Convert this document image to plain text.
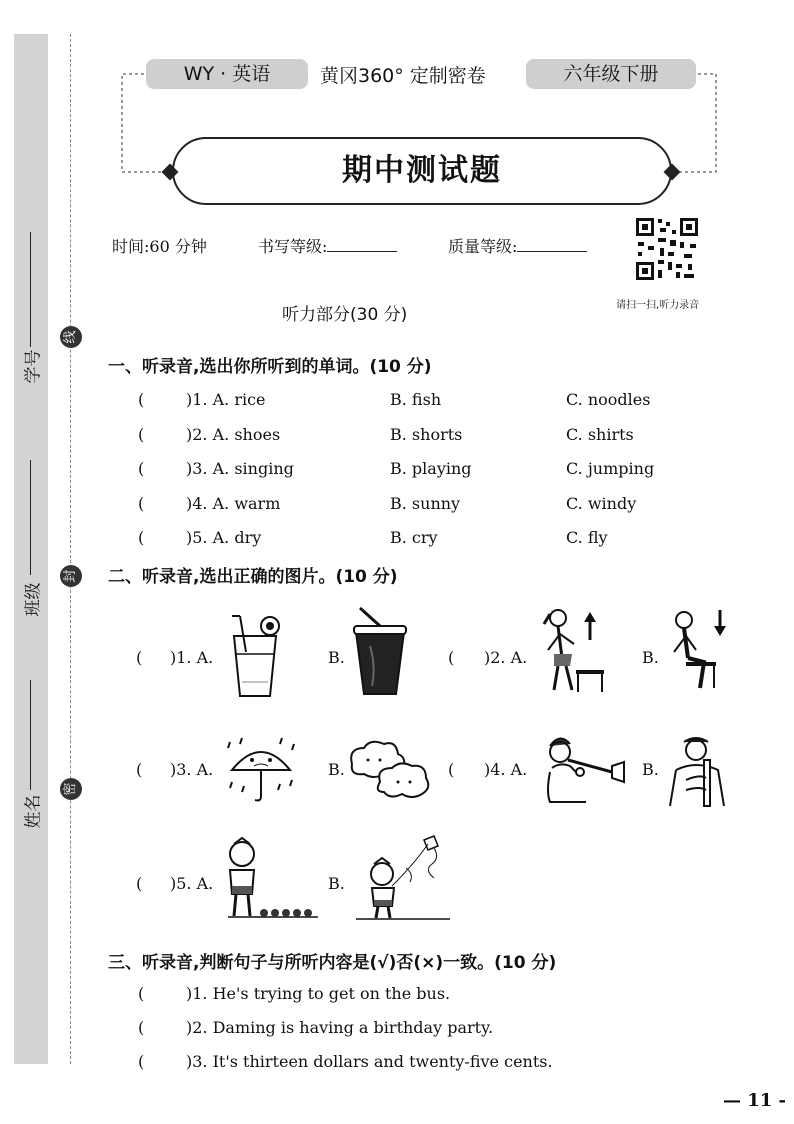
姓名
班级
学号
密
封
线
WY · 英语	黄冈360° 定制密卷	六年级下册
期中测试题
时间:60 分钟	书写等级:	质量等级:
请扫一扫,听力录音
听力部分(30 分)
一、听录音,选出你所听到的单词。(10 分)
(	)1. A. rice	B. fish	C. noodles
(	)2. A. shoes	B. shorts	C. shirts
(	)3. A. singing	B. playing	C. jumping
(	)4. A. warm	B. sunny	C. windy
(	)5. A. dry	B. cry	C. fly
二、听录音,选出正确的图片。(10 分)
( )1. A.	B.	( )2. A.	B.
( )3. A.	B.	( )4. A.	B.
( )5. A.	B.
三、听录音,判断句子与所听内容是(√)否(×)一致。(10 分)
(	)1. He's trying to get on the bus.
(	)2. Daming is having a birthday party.
(	)3. It's thirteen dollars and twenty-five cents.
— 11 -
